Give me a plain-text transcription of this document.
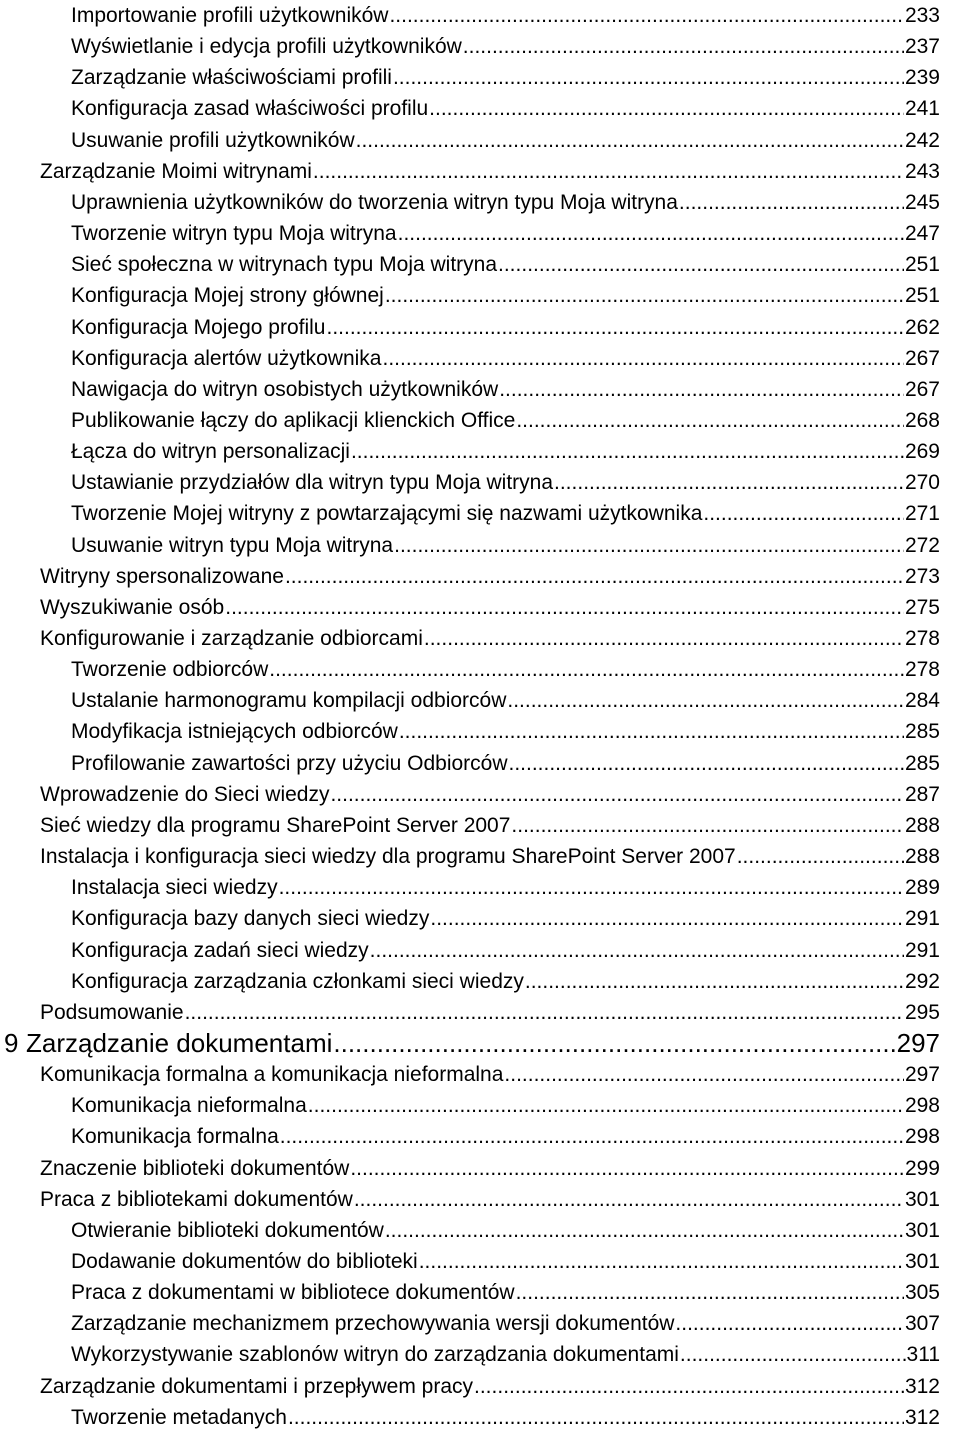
Importowanie profili użytkowników .....	233
Wyświetlanie i edycja profili użytkowników .....	237
Zarządzanie właściwościami profili .....	239
Konfiguracja zasad właściwości profilu .....	241
Usuwanie profili użytkowników .....	242
Zarządzanie Moimi witrynami .....	243
Uprawnienia użytkowników do tworzenia witryn typu Moja witryna .....	245
Tworzenie witryn typu Moja witryna .....	247
Sieć społeczna w witrynach typu Moja witryna .....	251
Konfiguracja Mojej strony głównej .....	251
Konfiguracja Mojego profilu .....	262
Konfiguracja alertów użytkownika .....	267
Nawigacja do witryn osobistych użytkowników .....	267
Publikowanie łączy do aplikacji klienckich Office .....	268
Łącza do witryn personalizacji .....	269
Ustawianie przydziałów dla witryn typu Moja witryna .....	270
Tworzenie Mojej witryny z powtarzającymi się nazwami użytkownika .....	271
Usuwanie witryn typu Moja witryna .....	272
Witryny spersonalizowane .....	273
Wyszukiwanie osób .....	275
Konfigurowanie i zarządzanie odbiorcami .....	278
Tworzenie odbiorców .....	278
Ustalanie harmonogramu kompilacji odbiorców .....	284
Modyfikacja istniejących odbiorców .....	285
Profilowanie zawartości przy użyciu Odbiorców .....	285
Wprowadzenie do Sieci wiedzy .....	287
Sieć wiedzy dla programu SharePoint Server 2007 .....	288
Instalacja i konfiguracja sieci wiedzy dla programu SharePoint Server 2007 .....	288
Instalacja sieci wiedzy .....	289
Konfiguracja bazy danych sieci wiedzy .....	291
Konfiguracja zadań sieci wiedzy .....	291
Konfiguracja zarządzania członkami sieci wiedzy .....	292
Podsumowanie .....	295
9 Zarządzanie dokumentami .....	297
Komunikacja formalna a komunikacja nieformalna .....	297
Komunikacja nieformalna .....	298
Komunikacja formalna .....	298
Znaczenie biblioteki dokumentów .....	299
Praca z bibliotekami dokumentów .....	301
Otwieranie biblioteki dokumentów .....	301
Dodawanie dokumentów do biblioteki .....	301
Praca z dokumentami w bibliotece dokumentów .....	305
Zarządzanie mechanizmem przechowywania wersji dokumentów .....	307
Wykorzystywanie szablonów witryn do zarządzania dokumentami .....	311
Zarządzanie dokumentami i przepływem pracy .....	312
Tworzenie metadanych .....	312
